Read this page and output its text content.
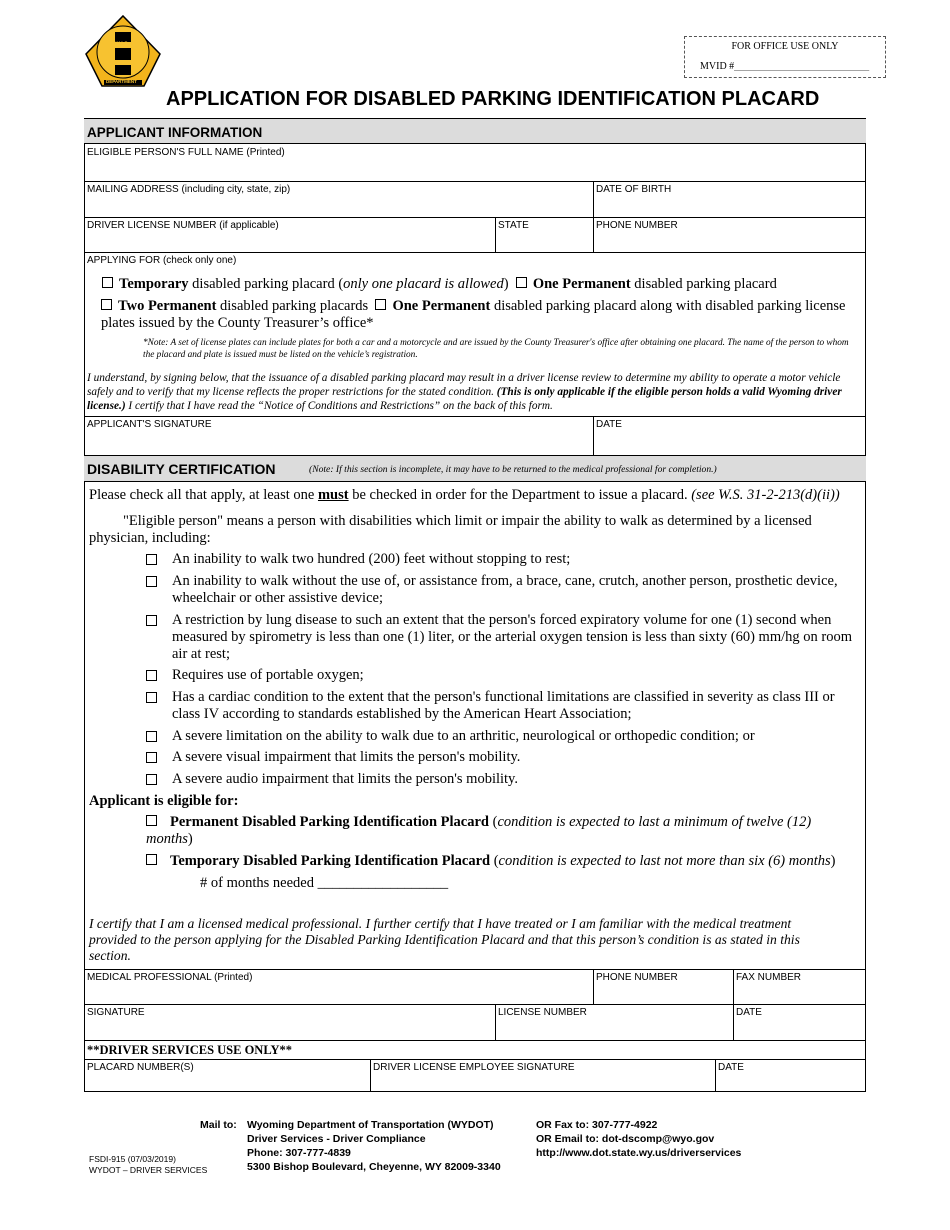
WYO DOT
DEPARTMENT
FOR OFFICE USE ONLY
MVID #___________________________
APPLICATION FOR DISABLED PARKING IDENTIFICATION PLACARD
APPLICANT INFORMATION
ELIGIBLE PERSON'S FULL NAME (Printed)
MAILING ADDRESS (including city, state, zip)	DATE OF BIRTH
DRIVER LICENSE NUMBER (if applicable)	STATE	PHONE NUMBER
APPLYING FOR (check only one)
Temporary disabled parking placard (only one placard is allowed) One Permanent disabled parking placard
Two Permanent disabled parking placards One Permanent disabled parking placard along with disabled parking license plates issued by the County Treasurer’s office*
*Note: A set of license plates can include plates for both a car and a motorcycle and are issued by the County Treasurer's office after obtaining one placard. The name of the person to whom the placard and plate is issued must be listed on the vehicle’s registration.
I understand, by signing below, that the issuance of a disabled parking placard may result in a driver license review to determine my ability to operate a motor vehicle safely and to verify that my license reflects the proper restrictions for the stated condition. (This is only applicable if the eligible person holds a valid Wyoming driver license.) I certify that I have read the “Notice of Conditions and Restrictions” on the back of this form.
APPLICANT'S SIGNATURE	DATE
DISABILITY CERTIFICATION	(Note: If this section is incomplete, it may have to be returned to the medical professional for completion.)
Please check all that apply, at least one must be checked in order for the Department to issue a placard. (see W.S. 31-2-213(d)(ii))
"Eligible person" means a person with disabilities which limit or impair the ability to walk as determined by a licensed physician, including:
An inability to walk two hundred (200) feet without stopping to rest;
An inability to walk without the use of, or assistance from, a brace, cane, crutch, another person, prosthetic device, wheelchair or other assistive device;
A restriction by lung disease to such an extent that the person's forced expiratory volume for one (1) second when measured by spirometry is less than one (1) liter, or the arterial oxygen tension is less than sixty (60) mm/hg on room air at rest;
Requires use of portable oxygen;
Has a cardiac condition to the extent that the person's functional limitations are classified in severity as class III or class IV according to standards established by the American Heart Association;
A severe limitation on the ability to walk due to an arthritic, neurological or orthopedic condition; or
A severe visual impairment that limits the person's mobility.
A severe audio impairment that limits the person's mobility.
Applicant is eligible for:
Permanent Disabled Parking Identification Placard (condition is expected to last a minimum of twelve (12) months)
Temporary Disabled Parking Identification Placard (condition is expected to last not more than six (6) months)
# of months needed __________________
I certify that I am a licensed medical professional. I further certify that I have treated or I am familiar with the medical treatment provided to the person applying for the Disabled Parking Identification Placard and that this person’s condition is as stated in this section.
MEDICAL PROFESSIONAL (Printed)	PHONE NUMBER	FAX NUMBER
SIGNATURE	LICENSE NUMBER	DATE
**DRIVER SERVICES USE ONLY**
PLACARD NUMBER(S)	DRIVER LICENSE EMPLOYEE SIGNATURE	DATE
FSDI-915 (07/03/2019)
WYDOT – DRIVER SERVICES
Mail to: Wyoming Department of Transportation (WYDOT)
Driver Services - Driver Compliance
Phone: 307-777-4839
5300 Bishop Boulevard, Cheyenne, WY 82009-3340
OR Fax to: 307-777-4922
OR Email to: dot-dscomp@wyo.gov
http://www.dot.state.wy.us/driverservices
